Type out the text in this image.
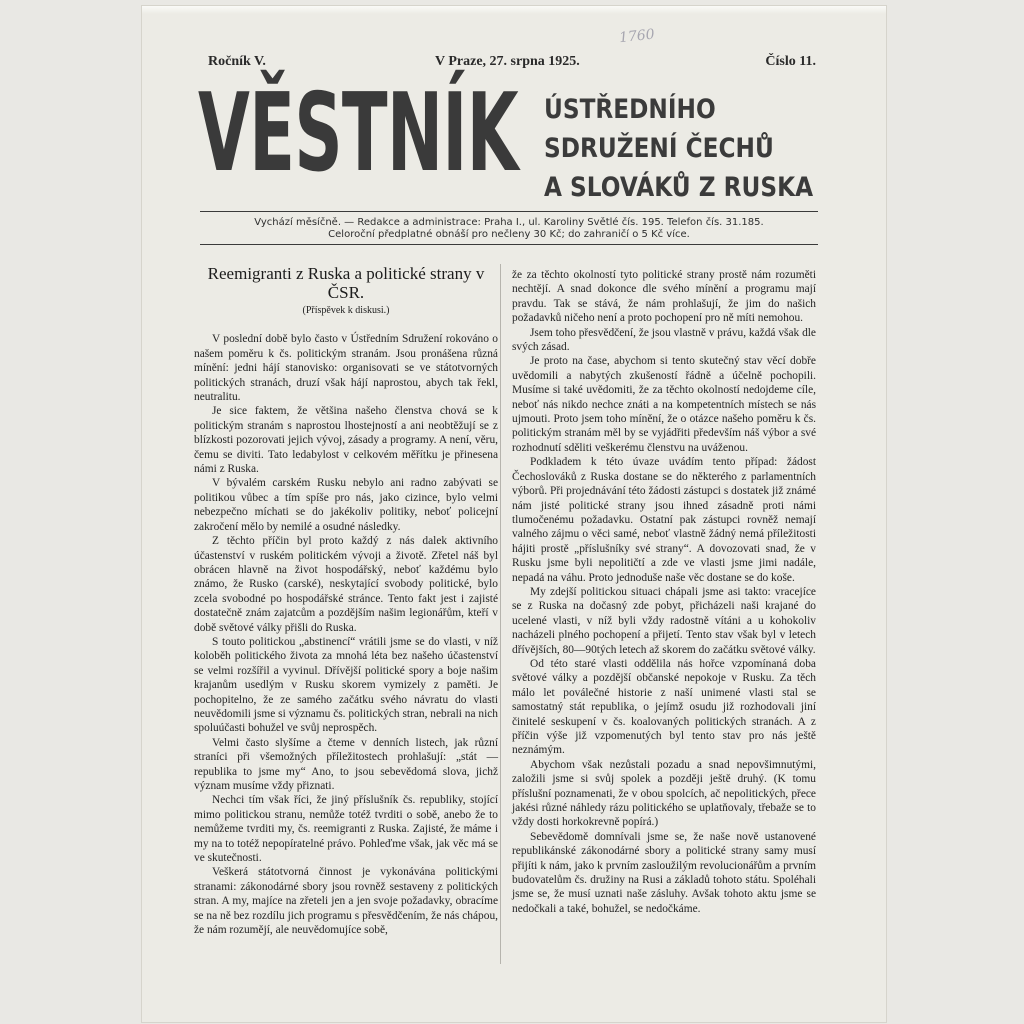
Ročník V.	V Praze, 27. srpna 1925.	Číslo 11.
1760
VĚSTNÍK ÚSTŘEDNÍHO
SDRUŽENÍ ČECHŮ
A SLOVÁKŮ Z RUSKA
Vychází měsíčně. — Redakce a administrace: Praha I., ul. Karoliny Světlé čís. 195. Telefon čís. 31.185.
Celoroční předplatné obnáší pro nečleny 30 Kč; do zahraničí o 5 Kč více.
Reemigranti z Ruska a politické strany v ČSR.
(Příspěvek k diskusi.)

V poslední době bylo často v Ústředním Sdružení rokováno o našem poměru k čs. politickým stranám. Jsou pronášena různá mínění: jedni hájí stanovisko: organisovati se ve státotvorných politických stranách, druzí však hájí naprostou, abych tak řekl, neutralitu.

Je sice faktem, že většina našeho členstva chová se k politickým stranám s naprostou lhostejností a ani neobtěžují se z blízkosti pozorovati jejich vývoj, zásady a programy. A není, věru, čemu se diviti. Tato ledabylost v celkovém měřítku je přinesena námi z Ruska.

V bývalém carském Rusku nebylo ani radno zabývati se politikou vůbec a tím spíše pro nás, jako cizince, bylo velmi nebezpečno míchati se do jakékoliv politiky, neboť policejní zakročení mělo by nemilé a osudné následky.

Z těchto příčin byl proto každý z nás dalek aktivního účastenství v ruském politickém vývoji a životě. Zřetel náš byl obrácen hlavně na život hospodářský, neboť každému bylo známo, že Rusko (carské), neskytající svobody politické, bylo zcela svobodné po hospodářské stránce. Tento fakt jest i zajisté dostatečně znám zajatcům a pozdějším našim legionářům, kteří v době světové války přišli do Ruska.

S touto politickou „abstinencí“ vrátili jsme se do vlasti, v níž koloběh politického života za mnohá léta bez našeho účastenství se velmi rozšířil a vyvinul. Dřívější politické spory a boje našim krajanům usedlým v Rusku skorem vymizely z paměti. Je pochopitelno, že ze samého začátku svého návratu do vlasti neuvědomili jsme si významu čs. politických stran, nebrali na nich spoluúčasti bohužel ve svůj neprospěch.

Velmi často slyšíme a čteme v denních listech, jak různí straníci při všemožných příležitostech prohlašují: „stát — republika to jsme my“ Ano, to jsou sebevědomá slova, jichž význam musíme vždy přiznati.

Nechci tím však říci, že jiný příslušník čs. republiky, stojící mimo politickou stranu, nemůže totéž tvrditi o sobě, anebo že to nemůžeme tvrditi my, čs. reemigranti z Ruska. Zajisté, že máme i my na to totéž nepopíratelné právo. Pohleďme však, jak věc má se ve skutečnosti.

Veškerá státotvorná činnost je vykonávána politickými stranami: zákonodárné sbory jsou rovněž sestaveny z politických stran. A my, majíce na zřeteli jen a jen svoje požadavky, obracíme se na ně bez rozdílu jich programu s přesvědčením, že nás chápou, že nám rozumějí, ale neuvědomujíce sobě,

že za těchto okolností tyto politické strany prostě nám rozuměti nechtějí. A snad dokonce dle svého mínění a programu mají pravdu. Tak se stává, že nám prohlašují, že jim do našich požadavků ničeho není a proto pochopení pro ně míti nemohou.

Jsem toho přesvědčení, že jsou vlastně v právu, každá však dle svých zásad.

Je proto na čase, abychom si tento skutečný stav věcí dobře uvědomili a nabytých zkušeností řádně a účelně pochopili. Musíme si také uvědomiti, že za těchto okolností nedojdeme cíle, neboť nás nikdo nechce znáti a na kompetentních místech se nás ujmouti. Proto jsem toho mínění, že o otázce našeho poměru k čs. politickým stranám měl by se vyjádřiti především náš výbor a své rozhodnutí sděliti veškerému členstvu na uváženou.

Podkladem k této úvaze uvádím tento případ: žádost Čechoslováků z Ruska dostane se do některého z parlamentních výborů. Při projednávání této žádosti zástupci s dostatek již známé nám jisté politické strany jsou ihned zásadně proti námi tlumočenému požadavku. Ostatní pak zástupci rovněž nemají valného zájmu o věci samé, neboť vlastně žádný nemá příležitosti hájiti prostě „příslušníky své strany“. A dovozovati snad, že v Rusku jsme byli nepolitičtí a zde ve vlasti jsme jimi nadále, nepadá na váhu. Proto jednoduše naše věc dostane se do koše.

My zdejší politickou situaci chápali jsme asi takto: vracejíce se z Ruska na dočasný zde pobyt, přicházeli naši krajané do ucelené vlasti, v níž byli vždy radostně vítáni a u kohokoliv nacházeli plného pochopení a přijetí. Tento stav však byl v letech dřívějších, 80—90tých letech až skorem do začátku světové války.

Od této staré vlasti oddělila nás hořce vzpomínaná doba světové války a pozdější občanské nepokoje v Rusku. Za těch málo let poválečné historie z naší unimené vlasti stal se samostatný stát republika, o jejímž osudu již rozhodovali jiní činitelé seskupení v čs. koalovaných politických stranách. A z příčin výše již vzpomenutých byl tento stav pro nás ještě neznámým.

Abychom však nezůstali pozadu a snad nepovšimnutými, založili jsme si svůj spolek a později ještě druhý. (K tomu příslušní poznamenati, že v obou spolcích, ač nepolitických, přece jakési různé náhledy rázu politického se uplatňovaly, třebaže se to vždy dosti horkokrevně popírá.)

Sebevědomě domnívali jsme se, že naše nově ustanovené republikánské zákonodárné sbory a politické strany samy musí přijíti k nám, jako k prvním zasloužilým revolucionářům a prvním budovatelům čs. družiny na Rusi a základů tohoto státu. Spoléhali jsme se, že musí uznati naše zásluhy. Avšak tohoto aktu jsme se nedočkali a také, bohužel, se nedočkáme.
